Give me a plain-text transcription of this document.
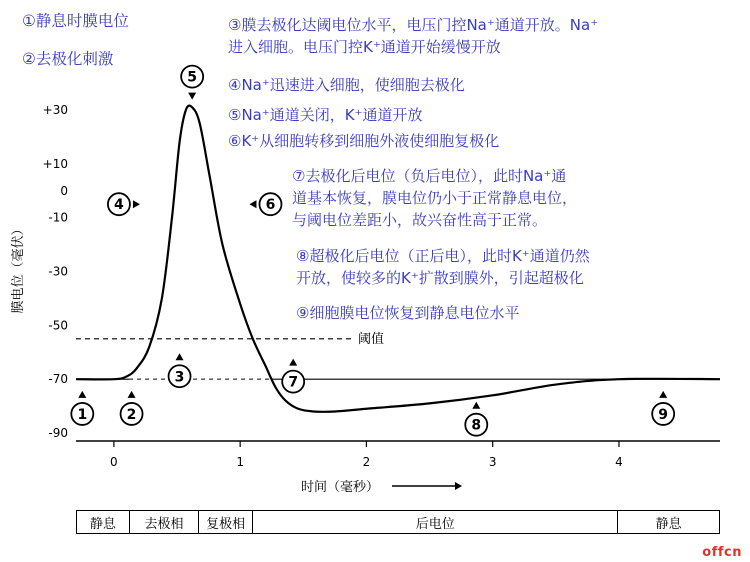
+30
+10
0
-10
-30
-50
-70
-90
0	1	2	3	4
1	2
3
4
5
6
7
8
9
阈值
时间（毫秒）
膜电位（毫伏）
①静息时膜电位
②去极化刺激
③膜去极化达阈电位水平，电压门控Na⁺通道开放。Na⁺
进入细胞。电压门控K⁺通道开始缓慢开放
④Na⁺迅速进入细胞，使细胞去极化
⑤Na⁺通道关闭，K⁺通道开放
⑥K⁺从细胞转移到细胞外液使细胞复极化
⑦去极化后电位（负后电位），此时Na⁺通
道基本恢复，膜电位仍小于正常静息电位，
与阈电位差距小，故兴奋性高于正常。
⑧超极化后电位（正后电），此时K⁺通道仍然
开放，使较多的K⁺扩散到膜外，引起超极化
⑨细胞膜电位恢复到静息电位水平
静息	去极相	复极相	后电位	静息
offcn
